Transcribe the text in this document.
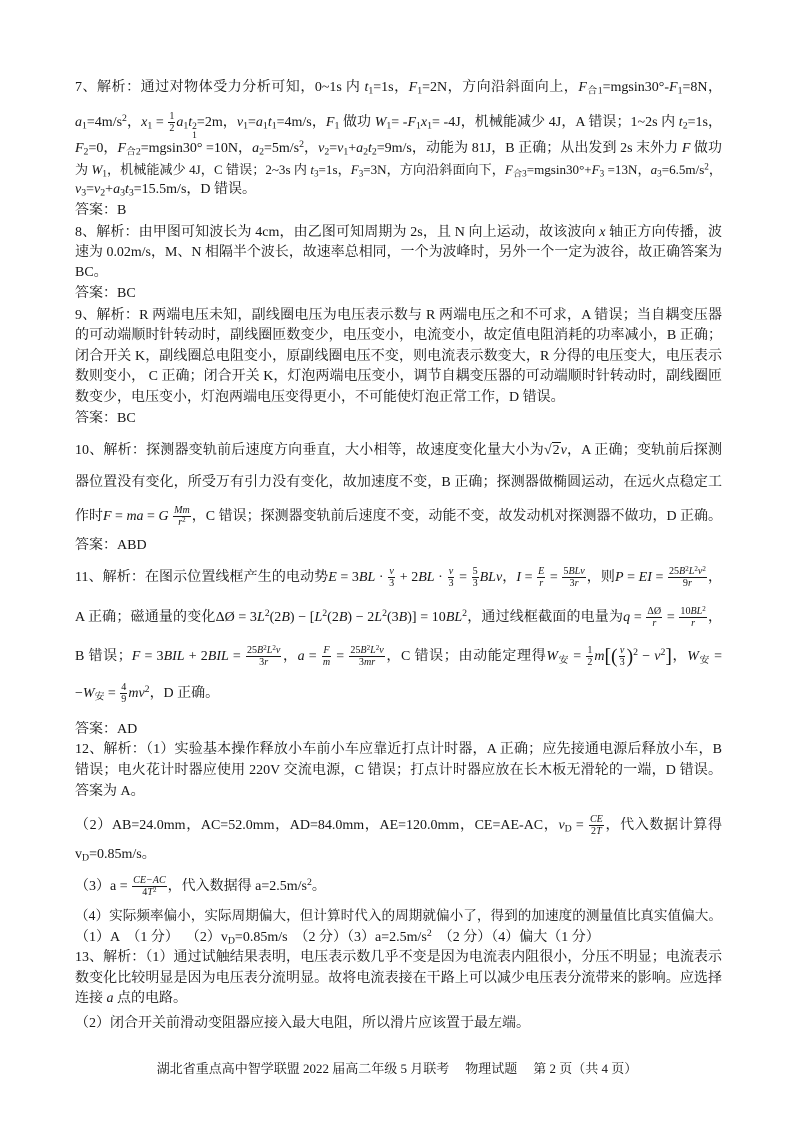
7、解析：通过对物体受力分析可知，0~1s 内 $t_1=1s$，$F_1=2N$，方向沿斜面向上，$F_{合1}=mgsin30^\circ-F_1=8N$，
$a_1=4m/s^2$，$x_1 = \frac{1}{2} a_1t$ 2
1
=2m，$v_1=a_1t_1=4m/s$，$F_1$ 做功 $W_1= -F_1x_1= -4J$，机械能减少 4J，A 错误；1~2s 内 $t_2=1s$，
$F_2=0$，$F_{合2}=mgsin30^\circ =10N$，$a_2=5m/s^2$，$v_2=v_1+a_2t_2=9m/s$，动能为 81J，B 正确；从出发到 2s 末外力 F 做功
为 $W_1$，机械能减少 4J，C 错误；2~3s 内 $t_3=1s$，$F_3=3N$，方向沿斜面向下，$F_{合3}=mgsin30^\circ+F_3 =13N$，$a_3=6.5m/s^2$，
$v_3=v_2+a_3t_3=15.5m/s$，D 错误。
答案：B
8、解析：由甲图可知波长为 4cm，由乙图可知周期为 2s，且 N 向上运动，故该波向 x 轴正方向传播，波
速为 0.02m/s，M、N 相隔半个波长，故速率总相同，一个为波峰时，另外一个一定为波谷，故正确答案为
BC。
答案：BC
9、解析：R 两端电压未知，副线圈电压为电压表示数与 R 两端电压之和不可求，A 错误；当自耦变压器
的可动端顺时针转动时，副线圈匝数变少，电压变小，电流变小，故定值电阻消耗的功率减小，B 正确；
闭合开关 K，副线圈总电阻变小，原副线圈电压不变，则电流表示数变大，R 分得的电压变大，电压表示
数则变小， C 正确；闭合开关 K，灯泡两端电压变小，调节自耦变压器的可动端顺时针转动时，副线圈匝
数变少，电压变小，灯泡两端电压变得更小，不可能使灯泡正常工作，D 错误。
答案：BC
10、解析：探测器变轨前后速度方向垂直，大小相等，故速度变化量大小为√2v，A 正确；变轨前后探测
器位置没有变化，所受万有引力没有变化，故加速度不变，B 正确；探测器做椭圆运动，在远火点稳定工
作时F = ma = G $\frac{Mm}{r^2}$ ，C 错误；探测器变轨前后速度不变，动能不变，故发动机对探测器不做功，D 正确。
答案：ABD
11、解析：在图示位置线框产生的电动势$E = 3BL \cdot \frac{v}{3} + 2BL \cdot \frac{v}{3} = \frac{5}{3}$ BLv，$I = \frac{E}{r} = \frac{\text{5BLv}}{3r}$ ，则P = EI = $\frac{25B^2L^2v^2}{9r}$ ，
A 正确；磁通量的变化ΔØ = $3L^2(2B) - [L^2(2B) - 2L^2(3B)] = 10BL^2$，通过线框截面的电量为$q = \frac{\Delta Ø}{r} = \frac{10BL^2}{r}$ ，
B 错误；$F = 3BIL + 2BIL = \frac{25B^2L^2v}{3r}$ ，$a = \frac{F}{m} = \frac{25B^2L^2v}{3mr}$ ，C 错误；由动能定理得$W_安 = \frac{1}{2} m[( \frac{v}{3} )^2 - v^2]$，$W_安$ =
$-W_安 = \frac{4}{9} mv^2$，D 正确。
答案：AD
12、解析：（1）实验基本操作释放小车前小车应靠近打点计时器，A 正确；应先接通电源后释放小车，B
错误；电火花计时器应使用 220V 交流电源，C 错误；打点计时器应放在长木板无滑轮的一端，D 错误。
答案为 A。
（2）AB=24.0mm，AC=52.0mm，AD=84.0mm，AE=120.0mm，CE=AE-AC，$v_D = \frac{CE}{2T}$ ，代入数据计算得
$v_D=0.85m/s$。
$(3)a = \frac{CE-AC}{4T^2}$ ，代入数据得 $a=2.5m/s^2$。
（4）实际频率偏小，实际周期偏大，但计算时代入的周期就偏小了，得到的加速度的测量值比真实值偏大。
（1）A  （1 分）  $(2)v_D=0.85m/s$  （2 分）$(3)a=2.5m/s^2$  （2 分）（4）偏大（1 分）
13、解析：（1）通过试触结果表明，电压表示数几乎不变是因为电流表内阻很小，分压不明显；电流表示
数变化比较明显是因为电压表分流明显。故将电流表接在干路上可以减少电压表分流带来的影响。应选择
连接 a 点的电路。
（2）闭合开关前滑动变阻器应接入最大电阻，所以滑片应该置于最左端。
湖北省重点高中智学联盟 2022 届高二年级 5 月联考 物理试题 第 2 页（共 4 页）
